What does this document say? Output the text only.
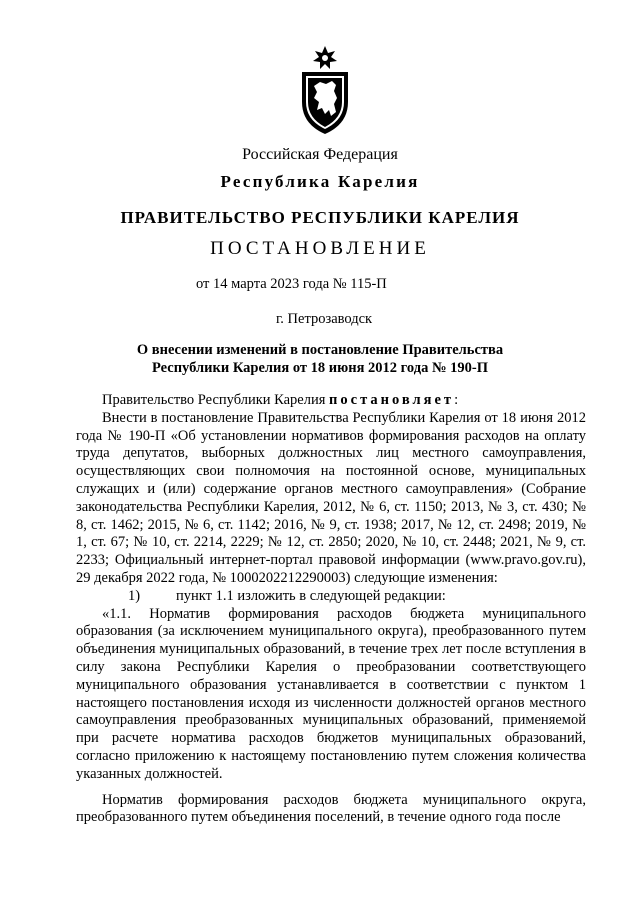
Российская Федерация
Республика Карелия
ПРАВИТЕЛЬСТВО РЕСПУБЛИКИ КАРЕЛИЯ
ПОСТАНОВЛЕНИЕ
от 14 марта 2023 года № 115-П
г. Петрозаводск
О внесении изменений в постановление Правительства
Республики Карелия от 18 июня 2012 года № 190-П

Правительство Республики Карелия постановляет:

Внести в постановление Правительства Республики Карелия от 18 июня 2012 года № 190-П «Об установлении нормативов формирования расходов на оплату труда депутатов, выборных должностных лиц местного самоуправления, осуществляющих свои полномочия на постоянной основе, муниципальных служащих и (или) содержание органов местного самоуправления» (Собрание законодательства Республики Карелия, 2012, № 6, ст. 1150; 2013, № 3, ст. 430; № 8, ст. 1462; 2015, № 6, ст. 1142; 2016, № 9, ст. 1938; 2017, № 12, ст. 2498; 2019, № 1, ст. 67; № 10, ст. 2214, 2229; № 12, ст. 2850; 2020, № 10, ст. 2448; 2021, № 9, ст. 2233; Официальный интернет-портал правовой информации (www.pravo.gov.ru), 29 декабря 2022 года, № 1000202212290003) следующие изменения:

1) пункт 1.1 изложить в следующей редакции:

«1.1. Норматив формирования расходов бюджета муниципального образования (за исключением муниципального округа), преобразованного путем объединения муниципальных образований, в течение трех лет после вступления в силу закона Республики Карелия о преобразовании соответствующего муниципального образования устанавливается в соответствии с пунктом 1 настоящего постановления исходя из численности должностей органов местного самоуправления преобразованных муниципальных образований, применяемой при расчете норматива расходов бюджетов муниципальных образований, согласно приложению к настоящему постановлению путем сложения количества указанных должностей.

Норматив формирования расходов бюджета муниципального округа, преобразованного путем объединения поселений, в течение одного года после
